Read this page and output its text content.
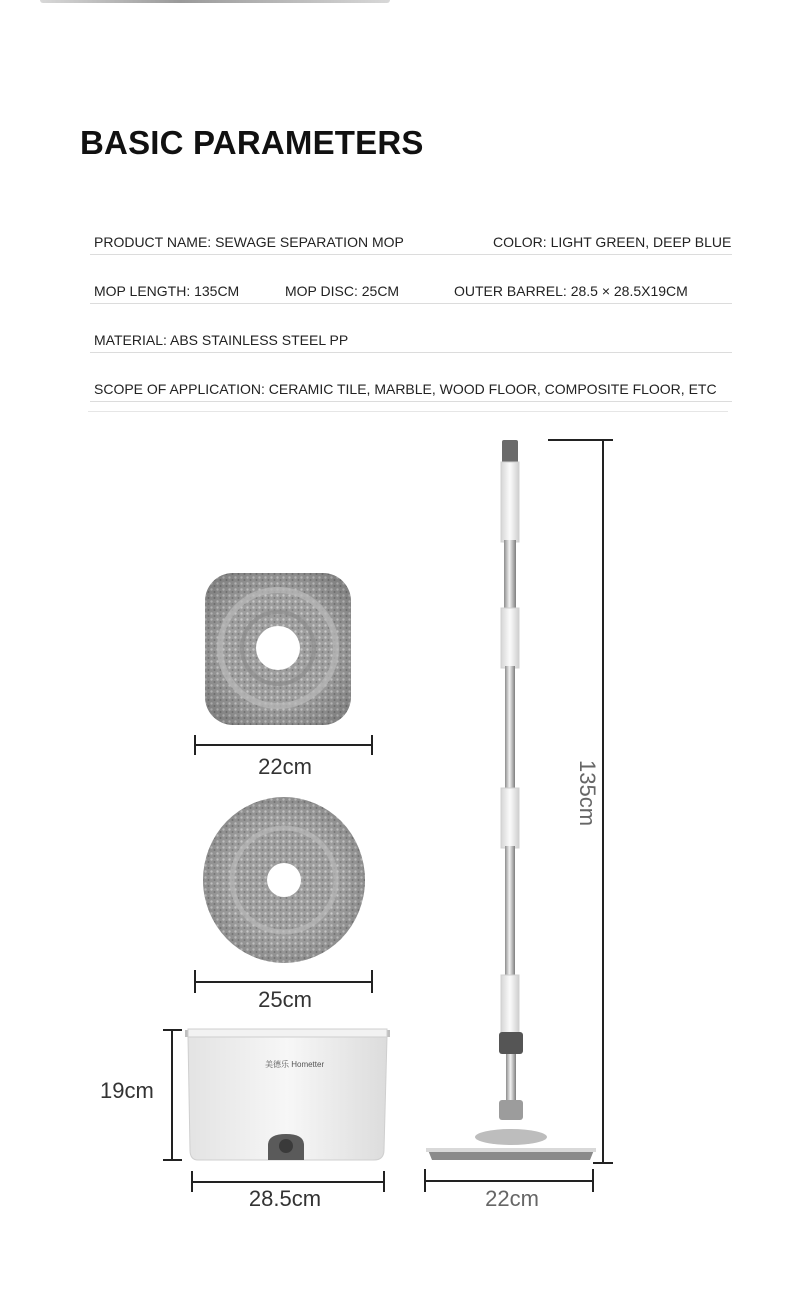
BASIC PARAMETERS
PRODUCT NAME: SEWAGE SEPARATION MOP	COLOR: LIGHT GREEN, DEEP BLUE
MOP LENGTH: 135CM	MOP DISC: 25CM	OUTER BARREL: 28.5 × 28.5X19CM
MATERIAL: ABS STAINLESS STEEL PP
SCOPE OF APPLICATION: CERAMIC TILE, MARBLE, WOOD FLOOR, COMPOSITE FLOOR, ETC
美德乐 Hometter
22cm
25cm
19cm
28.5cm	22cm
135cm
